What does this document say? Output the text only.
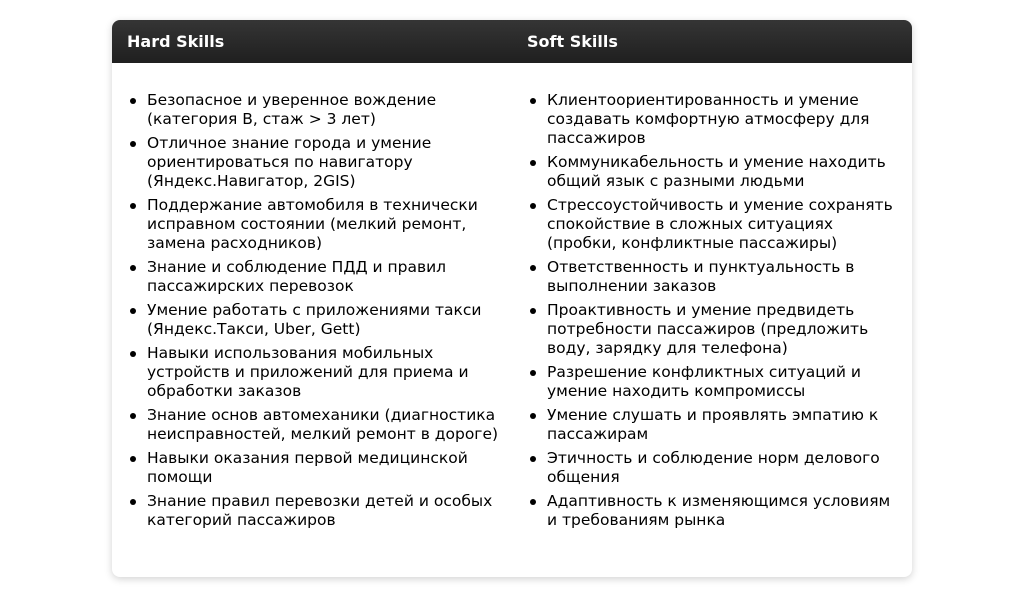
Hard Skills	Soft Skills
Безопасное и уверенное вождение (категория B, стаж > 3 лет)
Отличное знание города и умение ориентироваться по навигатору (Яндекс.Навигатор, 2GIS)
Поддержание автомобиля в технически исправном состоянии (мелкий ремонт, замена расходников)
Знание и соблюдение ПДД и правил пассажирских перевозок
Умение работать с приложениями такси (Яндекс.Такси, Uber, Gett)
Навыки использования мобильных устройств и приложений для приема и обработки заказов
Знание основ автомеханики (диагностика неисправностей, мелкий ремонт в дороге)
Навыки оказания первой медицинской помощи
Знание правил перевозки детей и особых категорий пассажиров
Клиентоориентированность и умение создавать комфортную атмосферу для пассажиров
Коммуникабельность и умение находить общий язык с разными людьми
Стрессоустойчивость и умение сохранять спокойствие в сложных ситуациях (пробки, конфликтные пассажиры)
Ответственность и пунктуальность в выполнении заказов
Проактивность и умение предвидеть потребности пассажиров (предложить воду, зарядку для телефона)
Разрешение конфликтных ситуаций и умение находить компромиссы
Умение слушать и проявлять эмпатию к пассажирам
Этичность и соблюдение норм делового общения
Адаптивность к изменяющимся условиям и требованиям рынка
